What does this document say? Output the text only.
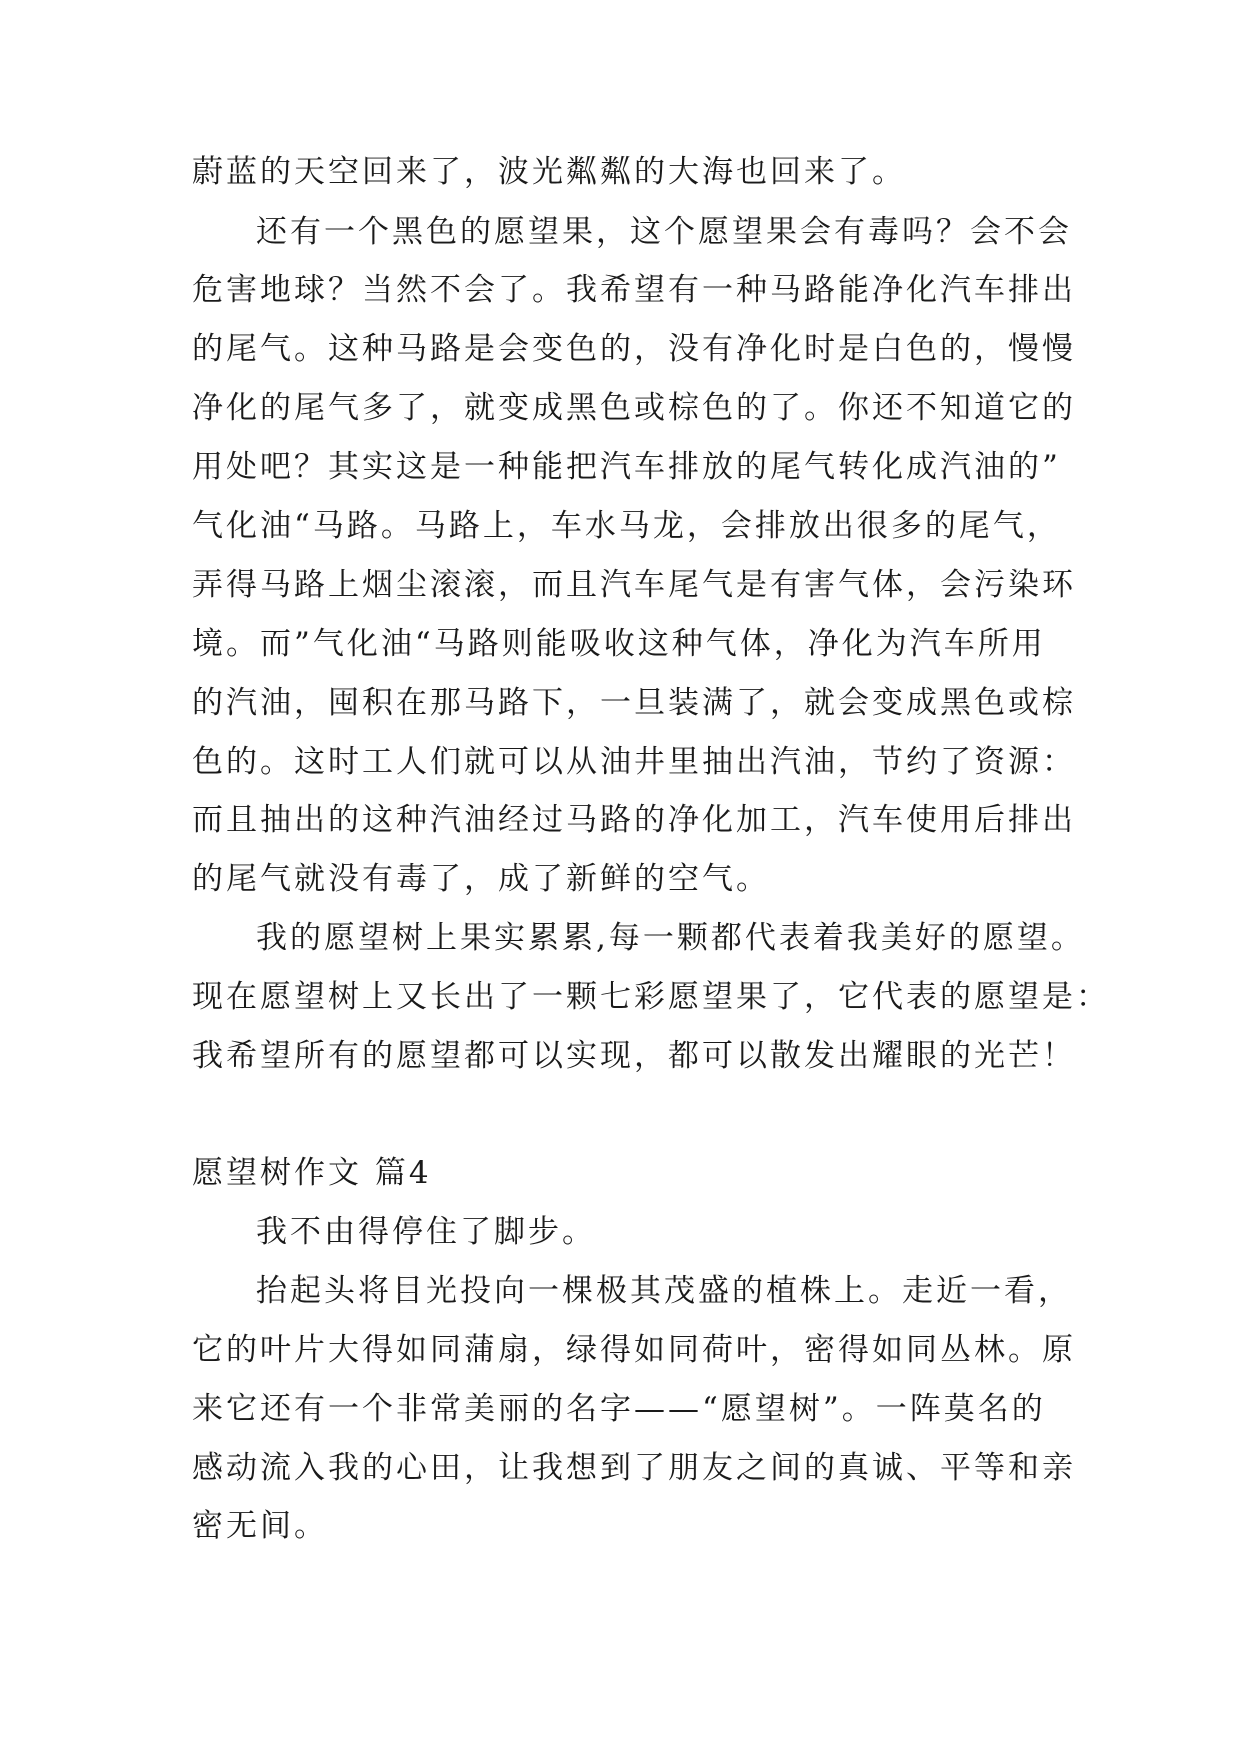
蔚蓝的天空回来了，波光粼粼的大海也回来了。
还有一个黑色的愿望果，这个愿望果会有毒吗？会不会
危害地球？当然不会了。我希望有一种马路能净化汽车排出
的尾气。这种马路是会变色的，没有净化时是白色的，慢慢
净化的尾气多了，就变成黑色或棕色的了。你还不知道它的
用处吧？其实这是一种能把汽车排放的尾气转化成汽油的”
气化油“马路。马路上，车水马龙，会排放出很多的尾气，
弄得马路上烟尘滚滚，而且汽车尾气是有害气体，会污染环
境。而”气化油“马路则能吸收这种气体，净化为汽车所用
的汽油，囤积在那马路下，一旦装满了，就会变成黑色或棕
色的。这时工人们就可以从油井里抽出汽油，节约了资源：
而且抽出的这种汽油经过马路的净化加工，汽车使用后排出
的尾气就没有毒了，成了新鲜的空气。
我的愿望树上果实累累,每一颗都代表着我美好的愿望。
现在愿望树上又长出了一颗七彩愿望果了，它代表的愿望是：
我希望所有的愿望都可以实现，都可以散发出耀眼的光芒！
愿望树作文 篇4
我不由得停住了脚步。
抬起头将目光投向一棵极其茂盛的植株上。走近一看，
它的叶片大得如同蒲扇，绿得如同荷叶，密得如同丛林。原
来它还有一个非常美丽的名字——“愿望树”。一阵莫名的
感动流入我的心田，让我想到了朋友之间的真诚、平等和亲
密无间。
